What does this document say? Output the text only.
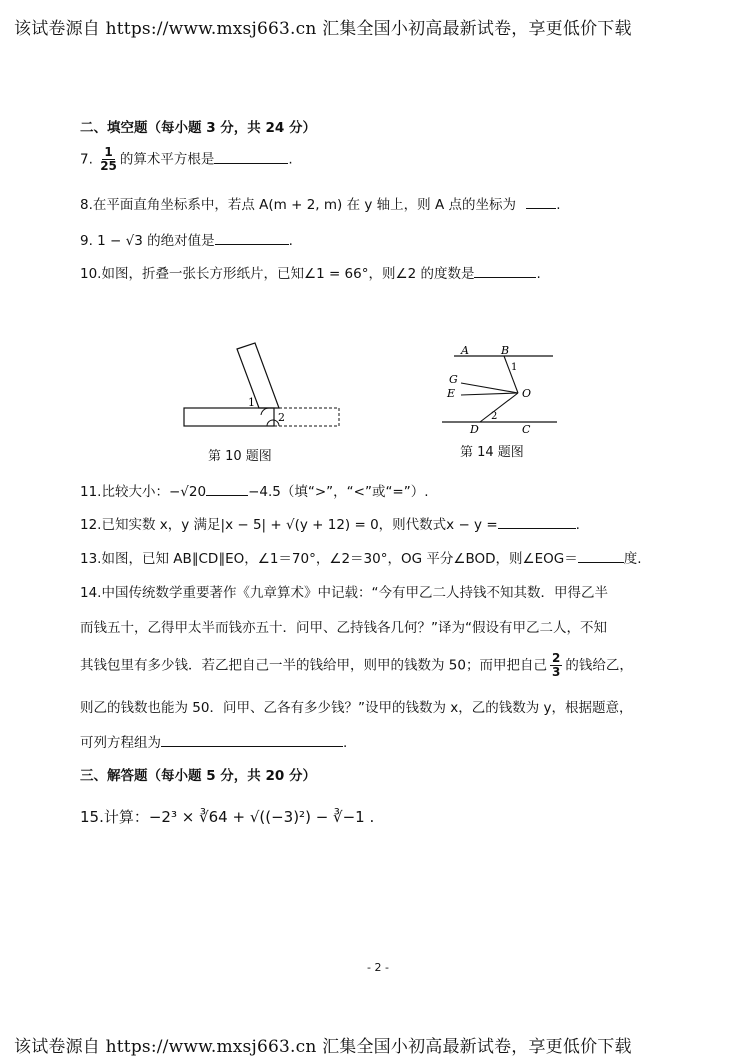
该试卷源自 https://www.mxsj663.cn 汇集全国小初高最新试卷，享更低价下载
二、填空题（每小题 3 分，共 24 分）
7. $\frac{1}{25}$ 的算术平方根是	.
8.在平面直角坐标系中，若点 A(m + 2, m) 在 y 轴上，则 A 点的坐标为	.
9. 1 − √3 的绝对值是	.
10.如图，折叠一张长方形纸片，已知∠1 = 66°，则∠2 的度数是	.
1
2
第 10 题图
A	B
1
G
E	O
2
D	C
第 14 题图
11.比较大小：−√20	−4.5（填“>”，“<”或“=”）.
12.已知实数 x，y 满足|x − 5| + √(y + 12) = 0，则代数式x − y =	.
13.如图，已知 AB∥CD∥EO，∠1＝70°，∠2＝30°，OG 平分∠BOD，则∠EOG＝	度.
14.中国传统数学重要著作《九章算术》中记载：“今有甲乙二人持钱不知其数．甲得乙半
而钱五十，乙得甲太半而钱亦五十．问甲、乙持钱各几何？”译为“假设有甲乙二人，不知
其钱包里有多少钱．若乙把自己一半的钱给甲，则甲的钱数为 50；而甲把自己 $\frac{2}{3}$ 的钱给乙，
则乙的钱数也能为 50．问甲、乙各有多少钱？”设甲的钱数为 x，乙的钱数为 y，根据题意，
可列方程组为	.
三、解答题（每小题 5 分，共 20 分）
15.计算：−2³ × ∛64 + √((−3)²) − ∛−1 .
- 2 -
该试卷源自 https://www.mxsj663.cn 汇集全国小初高最新试卷，享更低价下载
